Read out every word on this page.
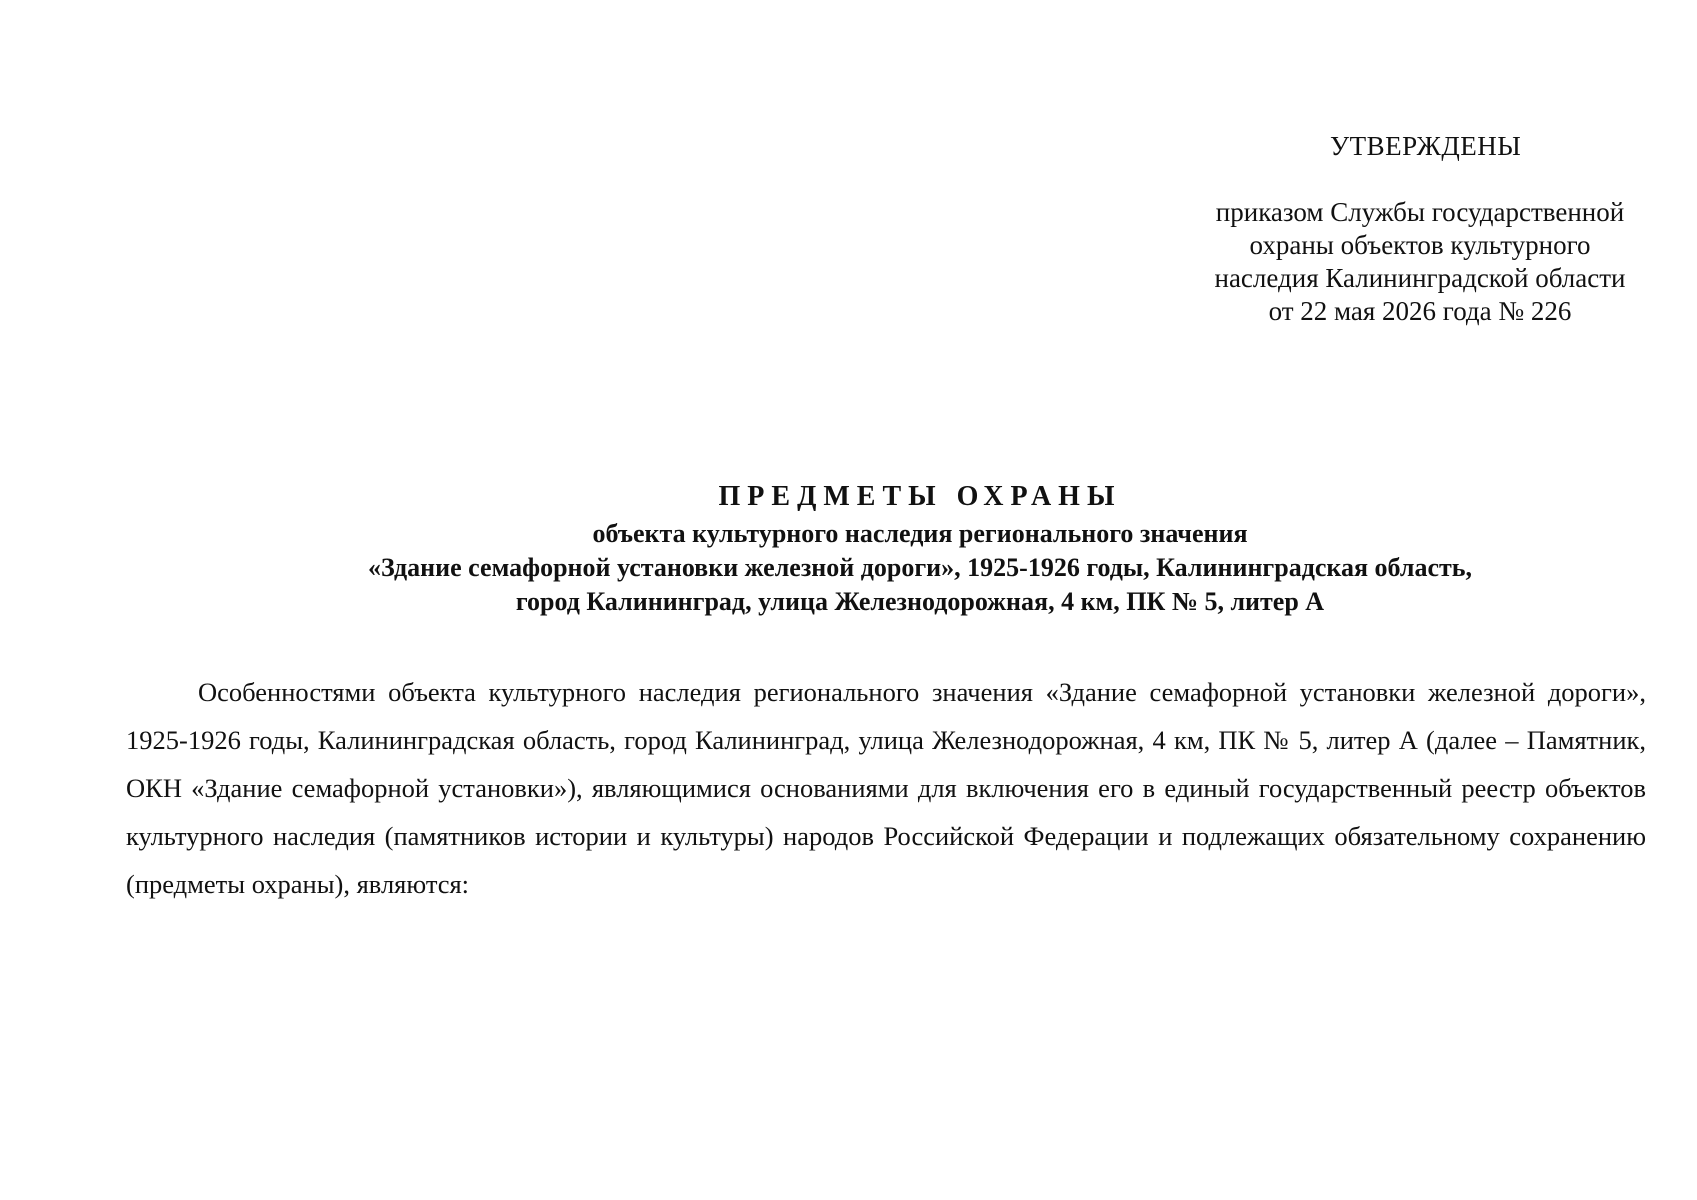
УТВЕРЖДЕНЫ
приказом Службы государственной
охраны объектов культурного
наследия Калининградской области
от 22 мая 2026 года № 226
ПРЕДМЕТЫ ОХРАНЫ
объекта культурного наследия регионального значения
«Здание семафорной установки железной дороги», 1925-1926 годы, Калининградская область,
город Калининград, улица Железнодорожная, 4 км, ПК № 5, литер А

Особенностями объекта культурного наследия регионального значения «Здание семафорной установки железной дороги», 1925-1926 годы, Калининградская область, город Калининград, улица Железнодорожная, 4 км, ПК № 5, литер А (далее – Памятник, ОКН «Здание семафорной установки»), являющимися основаниями для включения его в единый государственный реестр объектов культурного наследия (памятников истории и культуры) народов Российской Федерации и подлежащих обязательному сохранению (предметы охраны), являются:
